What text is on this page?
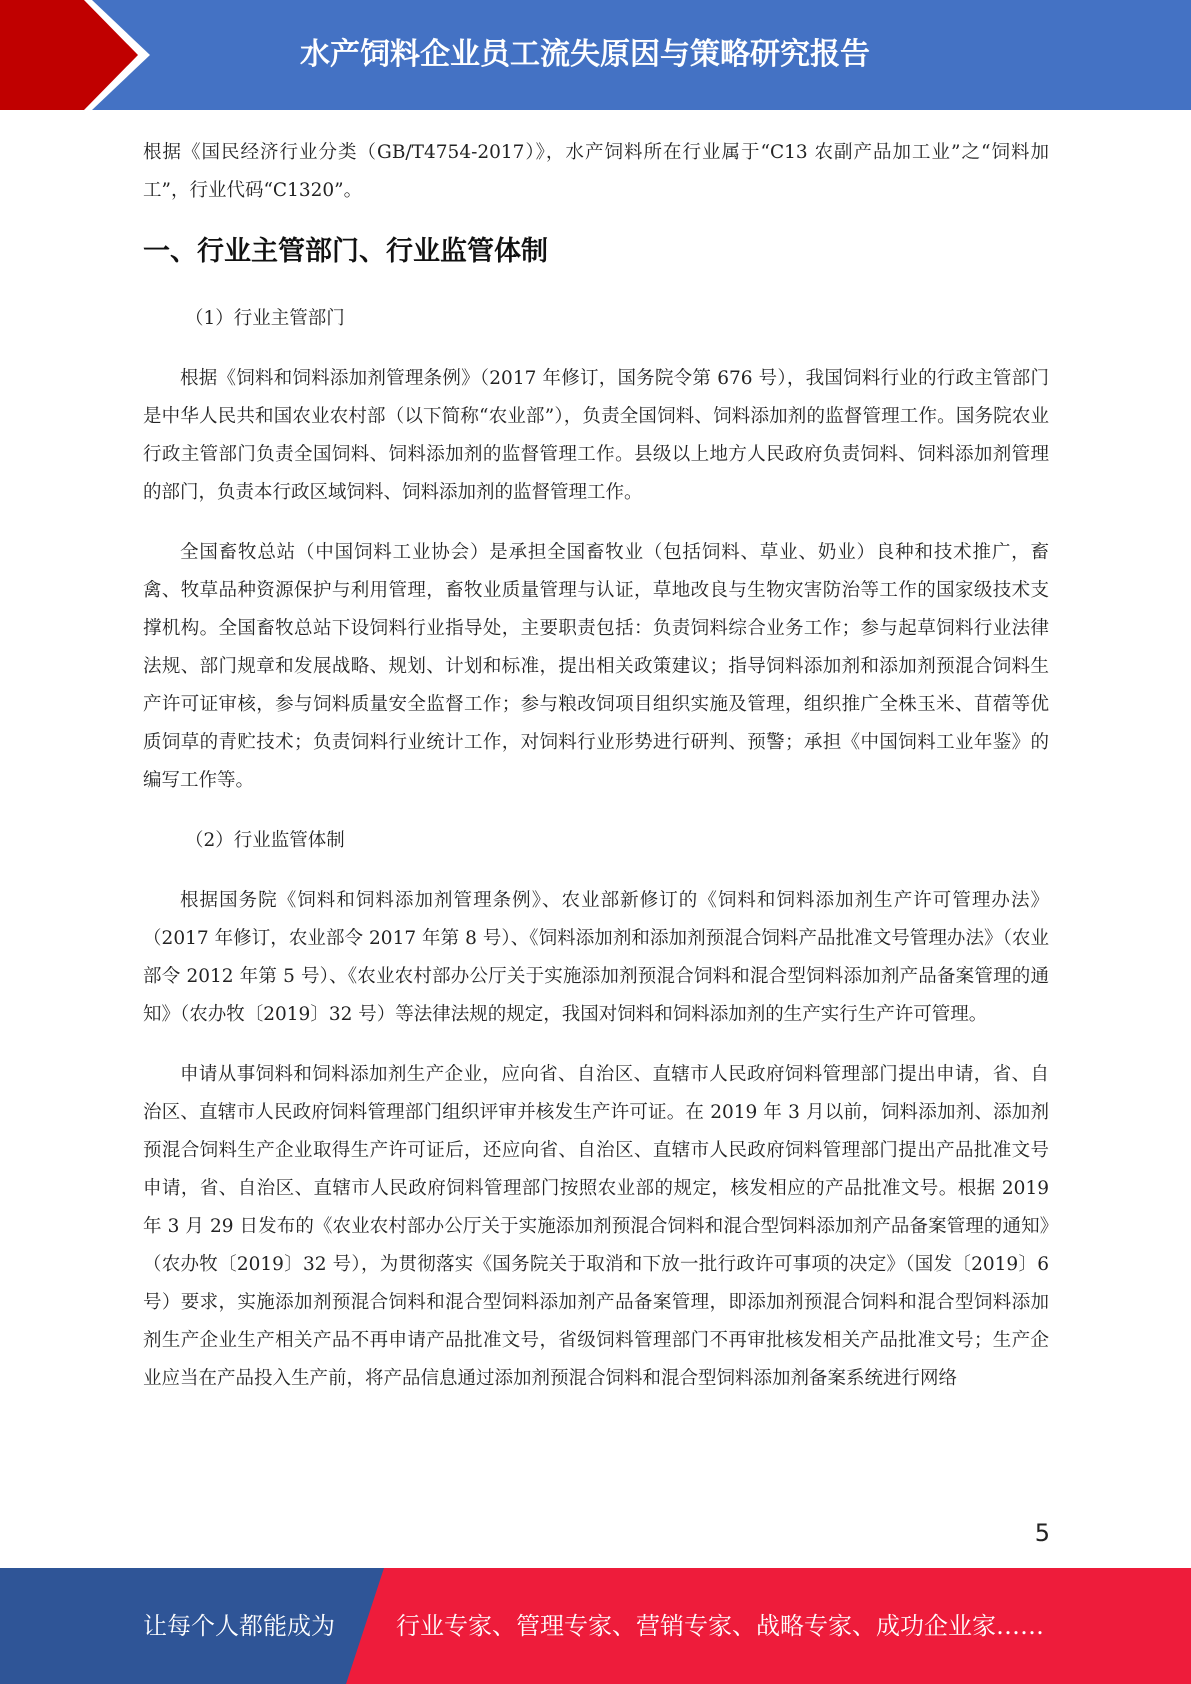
水产饲料企业员工流失原因与策略研究报告

根据《国民经济行业分类（GB/T4754-2017）》，水产饲料所在行业属于“C13 农副产品加工业”之“饲料加工”，行业代码“C1320”。

一、行业主管部门、行业监管体制
（1）行业主管部门

根据《饲料和饲料添加剂管理条例》（2017 年修订，国务院令第 676 号），我国饲料行业的行政主管部门是中华人民共和国农业农村部（以下简称“农业部”），负责全国饲料、饲料添加剂的监督管理工作。国务院农业行政主管部门负责全国饲料、饲料添加剂的监督管理工作。县级以上地方人民政府负责饲料、饲料添加剂管理的部门，负责本行政区域饲料、饲料添加剂的监督管理工作。

全国畜牧总站（中国饲料工业协会）是承担全国畜牧业（包括饲料、草业、奶业）良种和技术推广，畜禽、牧草品种资源保护与利用管理，畜牧业质量管理与认证，草地改良与生物灾害防治等工作的国家级技术支撑机构。全国畜牧总站下设饲料行业指导处，主要职责包括：负责饲料综合业务工作；参与起草饲料行业法律法规、部门规章和发展战略、规划、计划和标准，提出相关政策建议；指导饲料添加剂和添加剂预混合饲料生产许可证审核，参与饲料质量安全监督工作；参与粮改饲项目组织实施及管理，组织推广全株玉米、苜蓿等优质饲草的青贮技术；负责饲料行业统计工作，对饲料行业形势进行研判、预警；承担《中国饲料工业年鉴》的编写工作等。

（2）行业监管体制

根据国务院《饲料和饲料添加剂管理条例》、农业部新修订的《饲料和饲料添加剂生产许可管理办法》（2017 年修订，农业部令 2017 年第 8 号）、《饲料添加剂和添加剂预混合饲料产品批准文号管理办法》（农业部令 2012 年第 5 号）、《农业农村部办公厅关于实施添加剂预混合饲料和混合型饲料添加剂产品备案管理的通知》（农办牧〔2019〕32 号）等法律法规的规定，我国对饲料和饲料添加剂的生产实行生产许可管理。

申请从事饲料和饲料添加剂生产企业，应向省、自治区、直辖市人民政府饲料管理部门提出申请，省、自治区、直辖市人民政府饲料管理部门组织评审并核发生产许可证。在 2019 年 3 月以前，饲料添加剂、添加剂预混合饲料生产企业取得生产许可证后，还应向省、自治区、直辖市人民政府饲料管理部门提出产品批准文号申请，省、自治区、直辖市人民政府饲料管理部门按照农业部的规定，核发相应的产品批准文号。根据 2019 年 3 月 29 日发布的《农业农村部办公厅关于实施添加剂预混合饲料和混合型饲料添加剂产品备案管理的通知》（农办牧〔2019〕32 号），为贯彻落实《国务院关于取消和下放一批行政许可事项的决定》（国发〔2019〕6 号）要求，实施添加剂预混合饲料和混合型饲料添加剂产品备案管理，即添加剂预混合饲料和混合型饲料添加剂生产企业生产相关产品不再申请产品批准文号，省级饲料管理部门不再审批核发相关产品批准文号；生产企业应当在产品投入生产前，将产品信息通过添加剂预混合饲料和混合型饲料添加剂备案系统进行网络

5
让每个人都能成为	行业专家、管理专家、营销专家、战略专家、成功企业家……
